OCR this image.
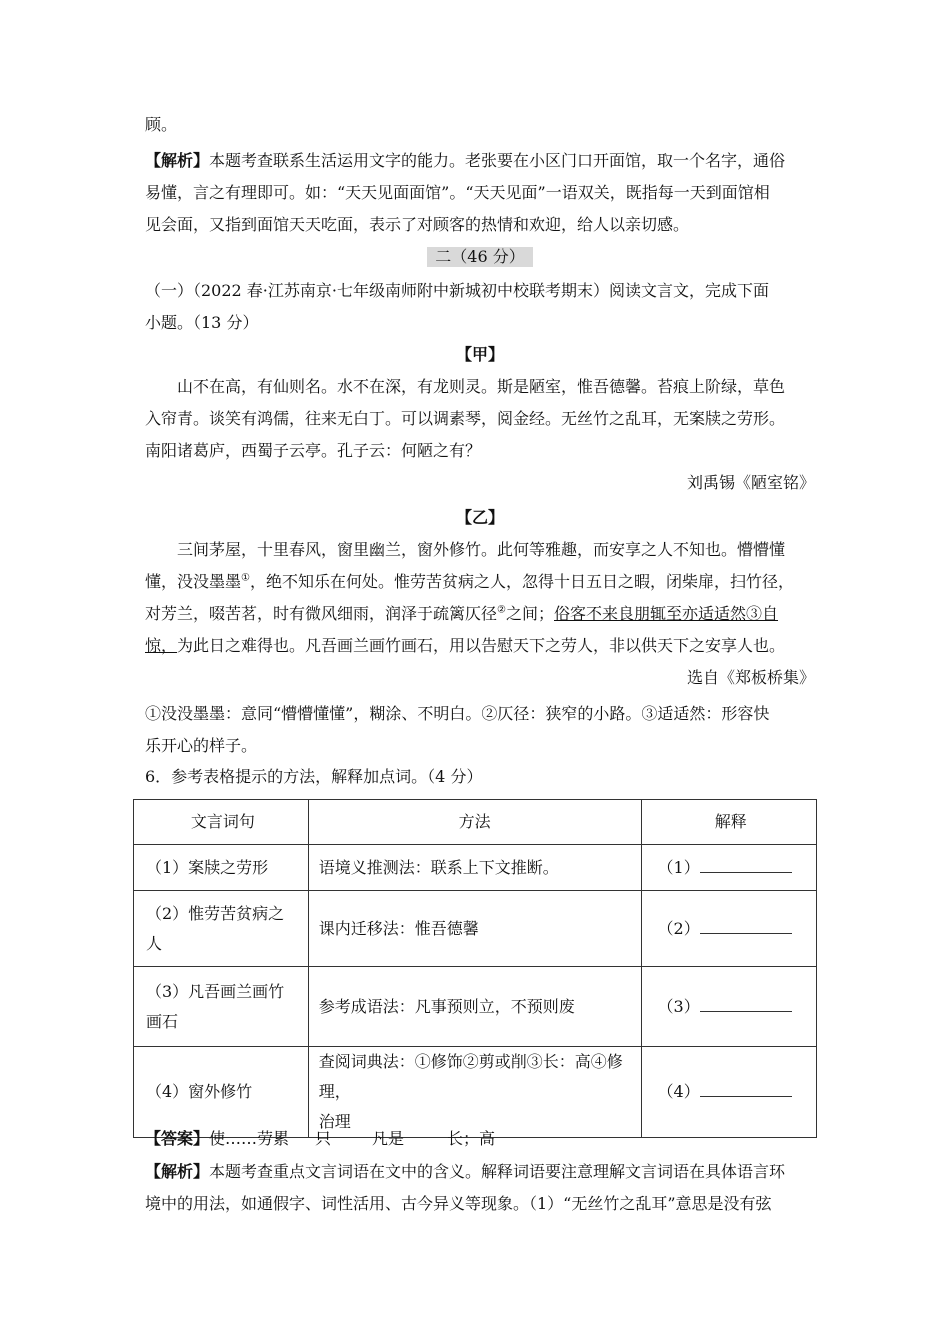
顾。
【解析】本题考查联系生活运用文字的能力。老张要在小区门口开面馆，取一个名字，通俗
易懂，言之有理即可。如：“天天见面面馆”。“天天见面”一语双关，既指每一天到面馆相
见会面，又指到面馆天天吃面，表示了对顾客的热情和欢迎，给人以亲切感。
二（46 分）
（一）（2022 春·江苏南京·七年级南师附中新城初中校联考期末）阅读文言文，完成下面
小题。（13 分）
【甲】
山不在高，有仙则名。水不在深，有龙则灵。斯是陋室，惟吾德馨。苔痕上阶绿，草色
入帘青。谈笑有鸿儒，往来无白丁。可以调素琴，阅金经。无丝竹之乱耳，无案牍之劳形。
南阳诸葛庐，西蜀子云亭。孔子云：何陋之有？
刘禹锡《陋室铭》
【乙】
三间茅屋，十里春风，窗里幽兰，窗外修竹。此何等雅趣，而安享之人不知也。懵懵懂
懂，没没墨墨①，绝不知乐在何处。惟劳苦贫病之人，忽得十日五日之暇，闭柴扉，扫竹径，
对芳兰，啜苦茗，时有微风细雨，润泽于疏篱仄径②之间；俗客不来良朋辄至亦适适然③自
惊，为此日之难得也。凡吾画兰画竹画石，用以告慰天下之劳人，非以供天下之安享人也。
选自《郑板桥集》
①没没墨墨：意同“懵懵懂懂”，糊涂、不明白。②仄径：狭窄的小路。③适适然：形容快
乐开心的样子。
6．参考表格提示的方法，解释加点词。（4 分）
文言词句	方法	解释
（1）案牍之劳形	语境义推测法：联系上下文推断。	（1）

（2）惟劳苦贫病之
人	课内迁移法：惟吾德馨	（2）

（3）凡吾画兰画竹
画石	参考成语法：凡事预则立，不预则废	（3）
（4）窗外修竹	查阅词典法：①修饰②剪或削③长：高④修理，
治理	（4）
【答案】使……劳累 只	凡是	长；高
【解析】本题考查重点文言词语在文中的含义。解释词语要注意理解文言词语在具体语言环
境中的用法，如通假字、词性活用、古今异义等现象。（1）“无丝竹之乱耳”意思是没有弦
